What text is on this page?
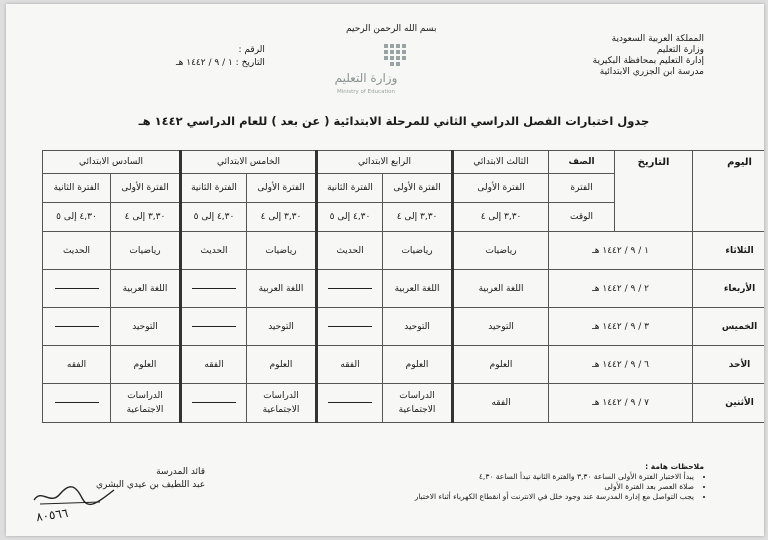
بسم الله الرحمن الرحيم
المملكة العربية السعودية
وزارة التعليم
إدارة التعليم بمحافظة البكيرية
مدرسة ابن الجزري الابتدائية
الرقم :
التاريخ : ١ / ٩ / ١٤٤٢ هـ
وزارة التعليم
Ministry of Education
جدول اختبارات الفصل الدراسي الثاني للمرحلة الابتدائية ( عن بعد ) للعام الدراسي ١٤٤٢ هـ
اليوم	التاريخ	الصف	الثالث الابتدائي	الرابع الابتدائي		الخامس الابتدائي		السادس الابتدائي	
		الفترة	الفترة الأولى	الفترة الأولى	الفترة الثانية	الفترة الأولى	الفترة الثانية	الفترة الأولى	الفترة الثانية
		الوقت	٣,٣٠ إلى ٤	٣,٣٠ إلى ٤	٤,٣٠ إلى ٥	٣,٣٠ إلى ٤	٤,٣٠ إلى ٥	٣,٣٠ إلى ٤	٤,٣٠ إلى ٥
الثلاثاء	١ / ٩ / ١٤٤٢ هـ		رياضيات	رياضيات	الحديث	رياضيات	الحديث	رياضيات	الحديث
الأربعاء	٢ / ٩ / ١٤٤٢ هـ		اللغة العربية	اللغة العربية		اللغة العربية		اللغة العربية	
الخميس	٣ / ٩ / ١٤٤٢ هـ		التوحيد	التوحيد		التوحيد		التوحيد	
الأحد	٦ / ٩ / ١٤٤٢ هـ		العلوم	العلوم	الفقه	العلوم	الفقه	العلوم	الفقه
الأثنين	٧ / ٩ / ١٤٤٢ هـ		الفقه	الدراسات الاجتماعية		الدراسات الاجتماعية		الدراسات الاجتماعية	
ملاحظات هامة :
• يبدأ الاختبار الفترة الأولى الساعة ٣,٣٠ والفترة الثانية تبدأ الساعة ٤,٣٠
• صلاة العصر بعد الفترة الأولى
• يجب التواصل مع إدارة المدرسة عند وجود خلل في الانترنت أو انقطاع الكهرباء أثناء الاختبار
قائد المدرسة
عبد اللطيف بن عيدي البشري
٨٠٥٦٦
